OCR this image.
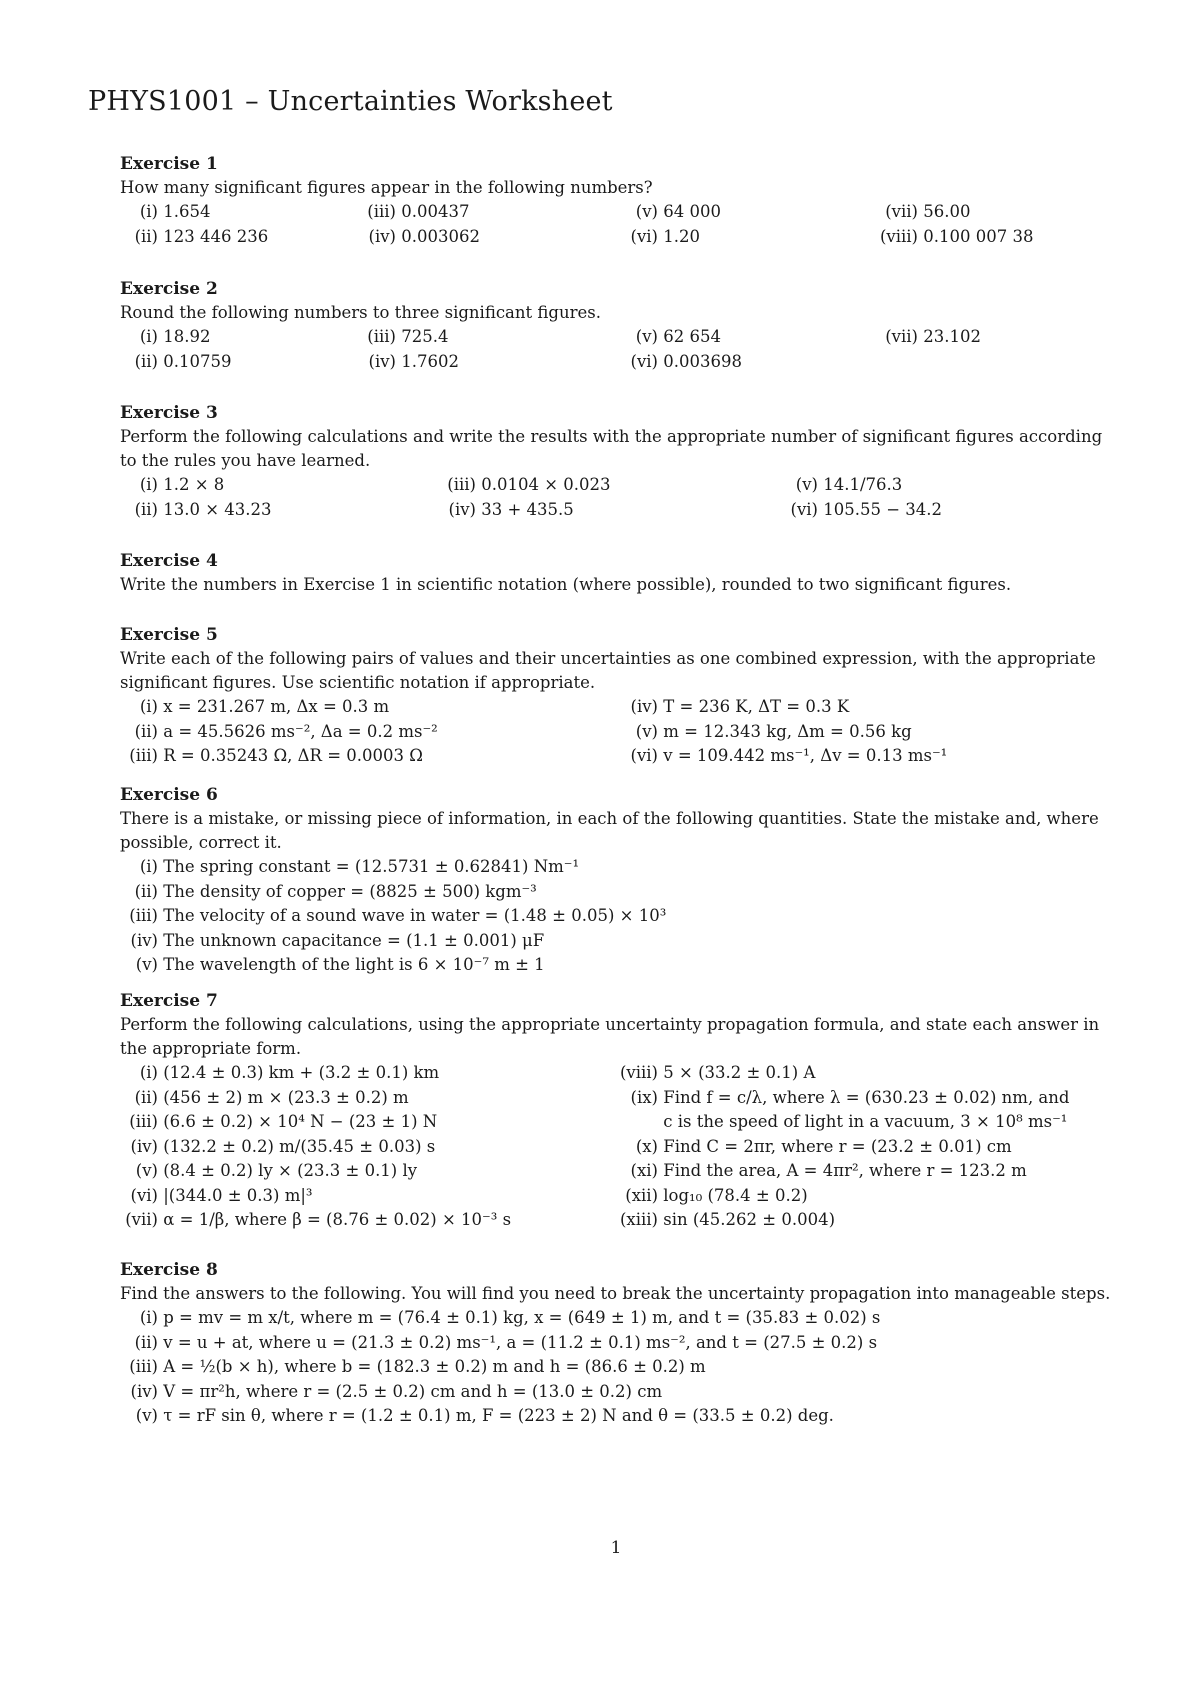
PHYS1001 – Uncertainties Worksheet
Exercise 1
How many significant figures appear in the following numbers?
(i) 1.654	(iii) 0.00437	(v) 64 000	(vii) 56.00
(ii) 123 446 236	(iv) 0.003062	(vi) 1.20	(viii) 0.100 007 38
Exercise 2
Round the following numbers to three significant figures.
(i) 18.92	(iii) 725.4	(v) 62 654	(vii) 23.102
(ii) 0.10759	(iv) 1.7602	(vi) 0.003698
Exercise 3
Perform the following calculations and write the results with the appropriate number of significant figures according to the rules you have learned.
(i) 1.2 × 8	(iii) 0.0104 × 0.023	(v) 14.1/76.3
(ii) 13.0 × 43.23	(iv) 33 + 435.5	(vi) 105.55 − 34.2
Exercise 4
Write the numbers in Exercise 1 in scientific notation (where possible), rounded to two significant figures.
Exercise 5
Write each of the following pairs of values and their uncertainties as one combined expression, with the appropriate significant figures. Use scientific notation if appropriate.
(i) x = 231.267 m, Δx = 0.3 m	(iv) T = 236 K, ΔT = 0.3 K
(ii) a = 45.5626 ms⁻², Δa = 0.2 ms⁻²	(v) m = 12.343 kg, Δm = 0.56 kg
(iii) R = 0.35243 Ω, ΔR = 0.0003 Ω	(vi) v = 109.442 ms⁻¹, Δv = 0.13 ms⁻¹
Exercise 6
There is a mistake, or missing piece of information, in each of the following quantities. State the mistake and, where possible, correct it.
(i) The spring constant = (12.5731 ± 0.62841) Nm⁻¹
(ii) The density of copper = (8825 ± 500) kgm⁻³
(iii) The velocity of a sound wave in water = (1.48 ± 0.05) × 10³
(iv) The unknown capacitance = (1.1 ± 0.001) μF
(v) The wavelength of the light is 6 × 10⁻⁷ m ± 1
Exercise 7
Perform the following calculations, using the appropriate uncertainty propagation formula, and state each answer in the appropriate form.
(i) (12.4 ± 0.3) km + (3.2 ± 0.1) km	(viii) 5 × (33.2 ± 0.1) A
(ii) (456 ± 2) m × (23.3 ± 0.2) m	(ix) Find f = c/λ, where λ = (630.23 ± 0.02) nm, and
(iii) (6.6 ± 0.2) × 10⁴ N − (23 ± 1) N	c is the speed of light in a vacuum, 3 × 10⁸ ms⁻¹
(iv) (132.2 ± 0.2) m/(35.45 ± 0.03) s	(x) Find C = 2πr, where r = (23.2 ± 0.01) cm
(v) (8.4 ± 0.2) ly × (23.3 ± 0.1) ly	(xi) Find the area, A = 4πr², where r = 123.2 m
(vi) |(344.0 ± 0.3) m|³	(xii) log₁₀ (78.4 ± 0.2)
(vii) α = 1/β, where β = (8.76 ± 0.02) × 10⁻³ s	(xiii) sin (45.262 ± 0.004)
Exercise 8
Find the answers to the following. You will find you need to break the uncertainty propagation into manageable steps.
(i) p = mv = m x/t, where m = (76.4 ± 0.1) kg, x = (649 ± 1) m, and t = (35.83 ± 0.02) s
(ii) v = u + at, where u = (21.3 ± 0.2) ms⁻¹, a = (11.2 ± 0.1) ms⁻², and t = (27.5 ± 0.2) s
(iii) A = ½(b × h), where b = (182.3 ± 0.2) m and h = (86.6 ± 0.2) m
(iv) V = πr²h, where r = (2.5 ± 0.2) cm and h = (13.0 ± 0.2) cm
(v) τ = rF sin θ, where r = (1.2 ± 0.1) m, F = (223 ± 2) N and θ = (33.5 ± 0.2) deg.
1
